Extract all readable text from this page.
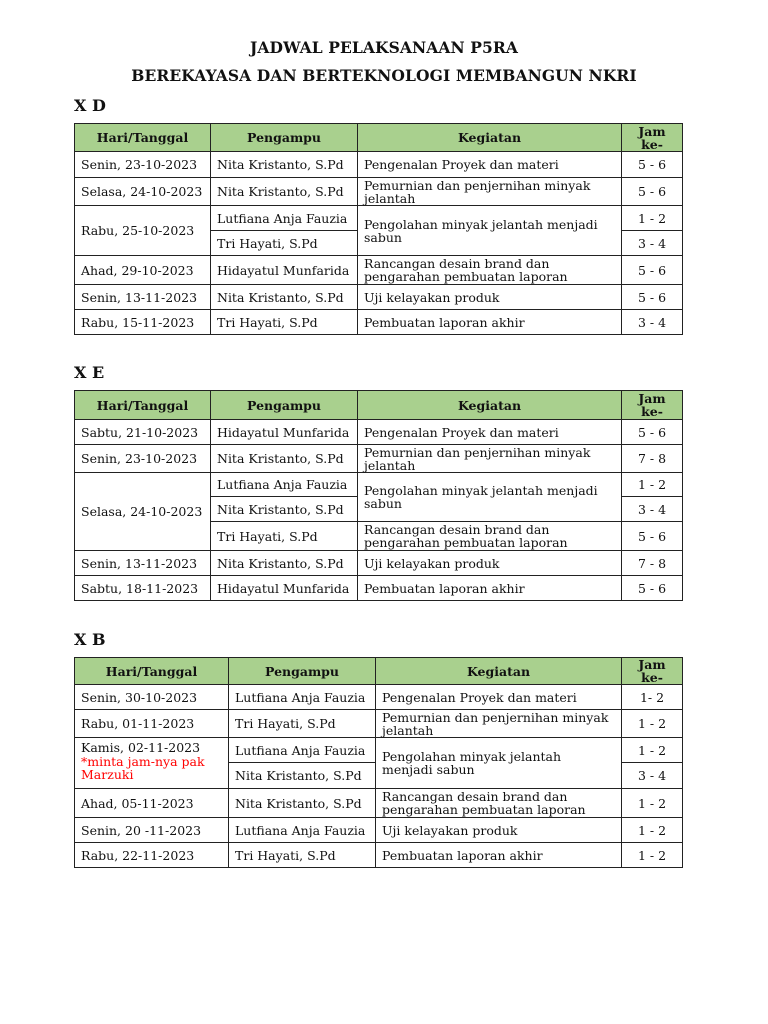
JADWAL PELAKSANAAN P5RA
BEREKAYASA DAN BERTEKNOLOGI MEMBANGUN NKRI
X D
Hari/Tanggal	Pengampu	Kegiatan	Jam ke-
Senin, 23-10-2023	Nita Kristanto, S.Pd	Pengenalan Proyek dan materi	5 - 6
Selasa, 24-10-2023	Nita Kristanto, S.Pd	Pemurnian dan penjernihan minyak jelantah	5 - 6
Rabu, 25-10-2023	Lutfiana Anja Fauzia	Pengolahan minyak jelantah menjadi sabun	1 - 2
	Tri Hayati, S.Pd		3 - 4
Ahad, 29-10-2023	Hidayatul Munfarida	Rancangan desain brand dan pengarahan pembuatan laporan	5 - 6
Senin, 13-11-2023	Nita Kristanto, S.Pd	Uji kelayakan produk	5 - 6
Rabu, 15-11-2023	Tri Hayati, S.Pd	Pembuatan laporan akhir	3 - 4
X E
Hari/Tanggal	Pengampu	Kegiatan	Jam ke-
Sabtu, 21-10-2023	Hidayatul Munfarida	Pengenalan Proyek dan materi	5 - 6
Senin, 23-10-2023	Nita Kristanto, S.Pd	Pemurnian dan penjernihan minyak jelantah	7 - 8
Selasa, 24-10-2023	Lutfiana Anja Fauzia	Pengolahan minyak jelantah menjadi sabun	1 - 2
	Nita Kristanto, S.Pd		3 - 4
	Tri Hayati, S.Pd	Rancangan desain brand dan pengarahan pembuatan laporan	5 - 6
Senin, 13-11-2023	Nita Kristanto, S.Pd	Uji kelayakan produk	7 - 8
Sabtu, 18-11-2023	Hidayatul Munfarida	Pembuatan laporan akhir	5 - 6
X B
Hari/Tanggal	Pengampu	Kegiatan	Jam ke-
Senin, 30-10-2023	Lutfiana Anja Fauzia	Pengenalan Proyek dan materi	1- 2
Rabu, 01-11-2023	Tri Hayati, S.Pd	Pemurnian dan penjernihan minyak jelantah	1 - 2
Kamis, 02-11-2023
*minta jam-nya pak Marzuki	Lutfiana Anja Fauzia	Pengolahan minyak jelantah menjadi sabun	1 - 2
	Nita Kristanto, S.Pd		3 - 4
Ahad, 05-11-2023	Nita Kristanto, S.Pd	Rancangan desain brand dan pengarahan pembuatan laporan	1 - 2
Senin, 20 -11-2023	Lutfiana Anja Fauzia	Uji kelayakan produk	1 - 2
Rabu, 22-11-2023	Tri Hayati, S.Pd	Pembuatan laporan akhir	1 - 2
